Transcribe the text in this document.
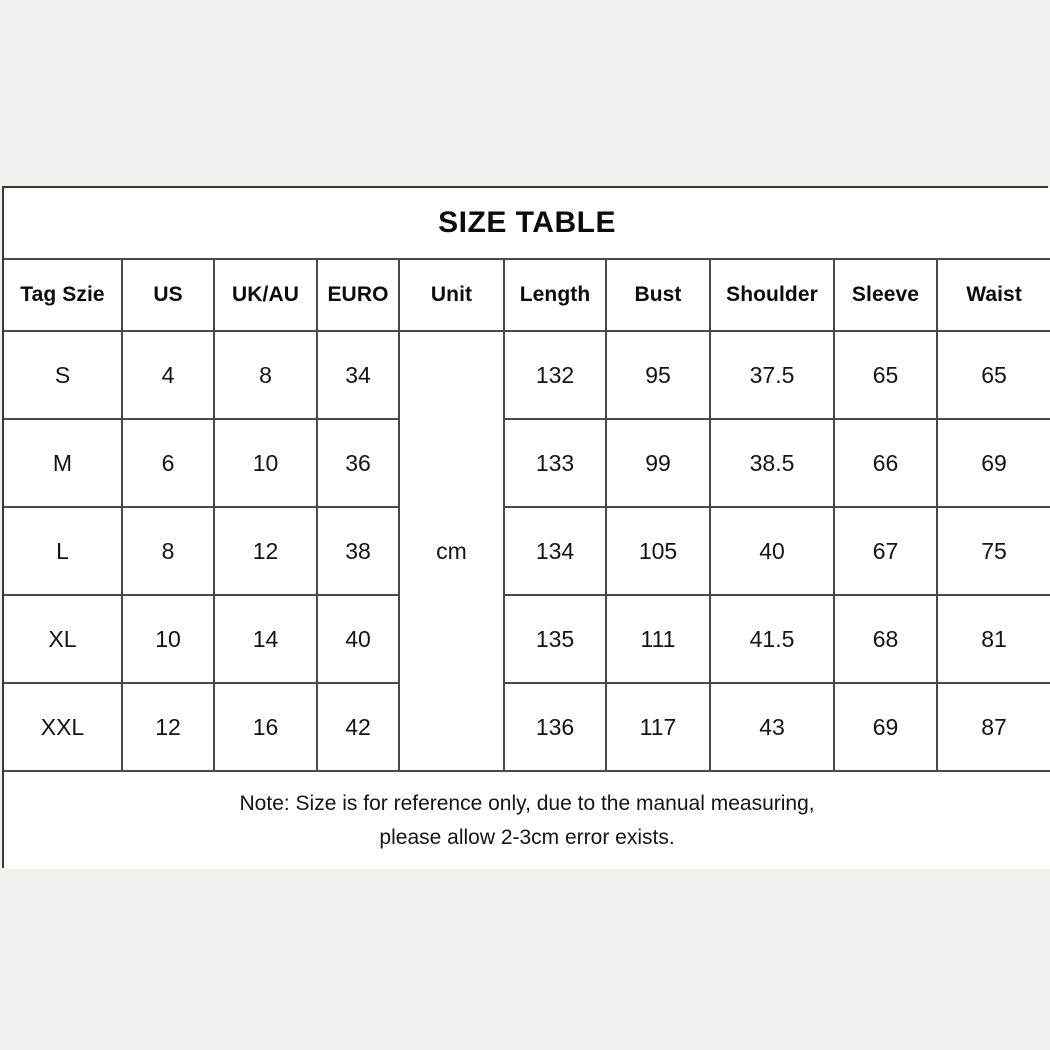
SIZE TABLE									

Tag Szie	US	UK/AU	EURO	Unit	Length	Bust	Shoulder	Sleeve	Waist
S	4	8	34	cm	132	95	37.5	65	65
M	6	10	36		133	99	38.5	66	69
L	8	12	38		134	105	40	67	75
XL	10	14	40		135	111	41.5	68	81
XXL	12	16	42		136	117	43	69	87

Note: Size is for reference only, due to the manual measuring,
please allow 2-3cm error exists.									
